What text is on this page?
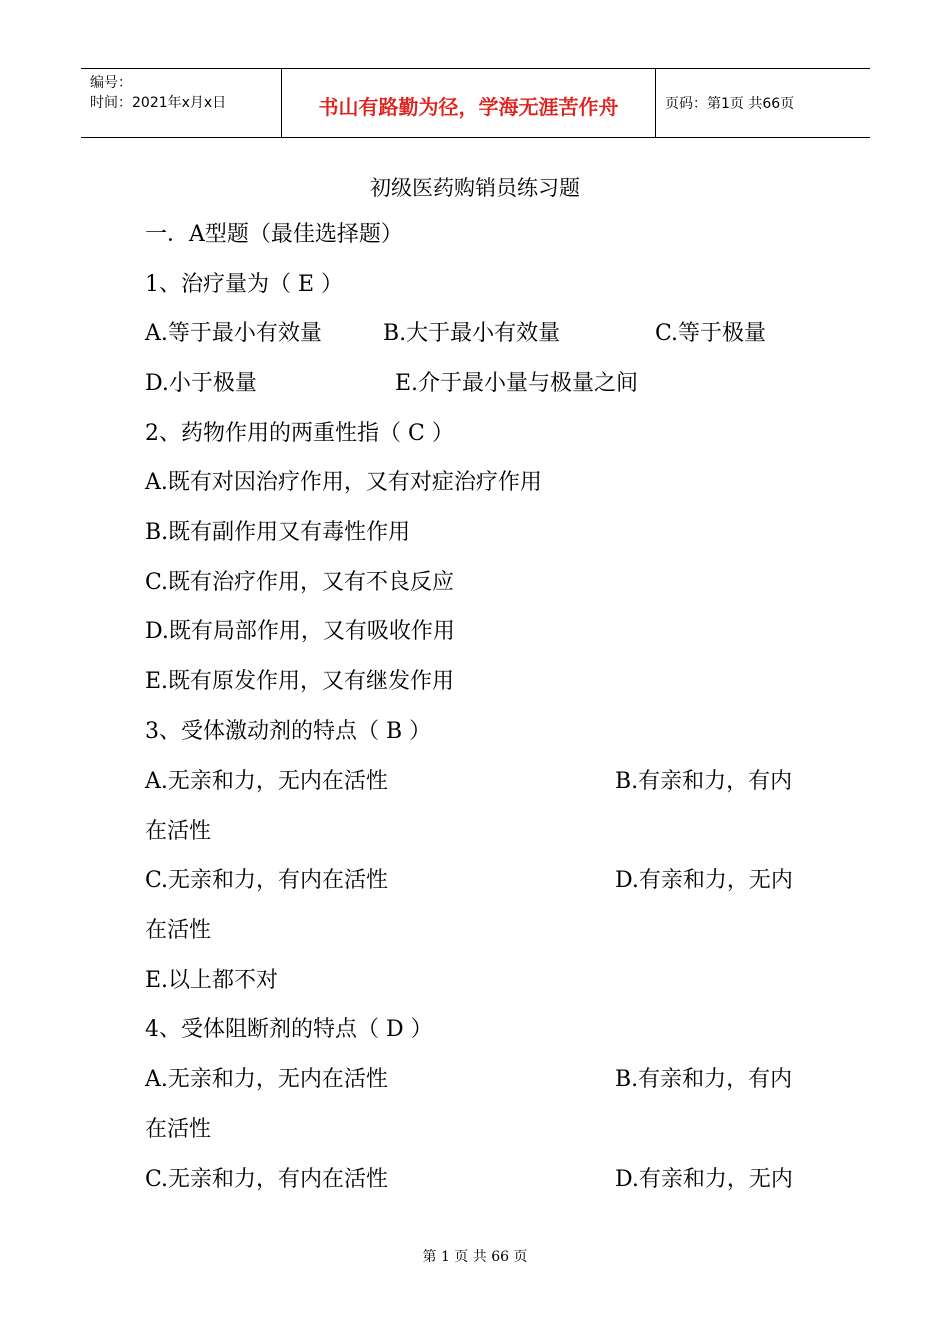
编号：
时间：2021年x月x日	书山有路勤为径，学海无涯苦作舟	页码：第1页 共66页
初级医药购销员练习题
一．A型题（最佳选择题）
1、治疗量为（ E ）
A.等于最小有效量	B.大于最小有效量	C.等于极量
D.小于极量	E.介于最小量与极量之间
2、药物作用的两重性指（ C ）
A.既有对因治疗作用，又有对症治疗作用
B.既有副作用又有毒性作用
C.既有治疗作用，又有不良反应
D.既有局部作用，又有吸收作用
E.既有原发作用，又有继发作用
3、受体激动剂的特点（ B ）
A.无亲和力，无内在活性	B.有亲和力，有内
在活性
C.无亲和力，有内在活性	D.有亲和力，无内
在活性
E.以上都不对
4、受体阻断剂的特点（ D ）
A.无亲和力，无内在活性	B.有亲和力，有内
在活性
C.无亲和力，有内在活性	D.有亲和力，无内
第 1 页 共 66 页
